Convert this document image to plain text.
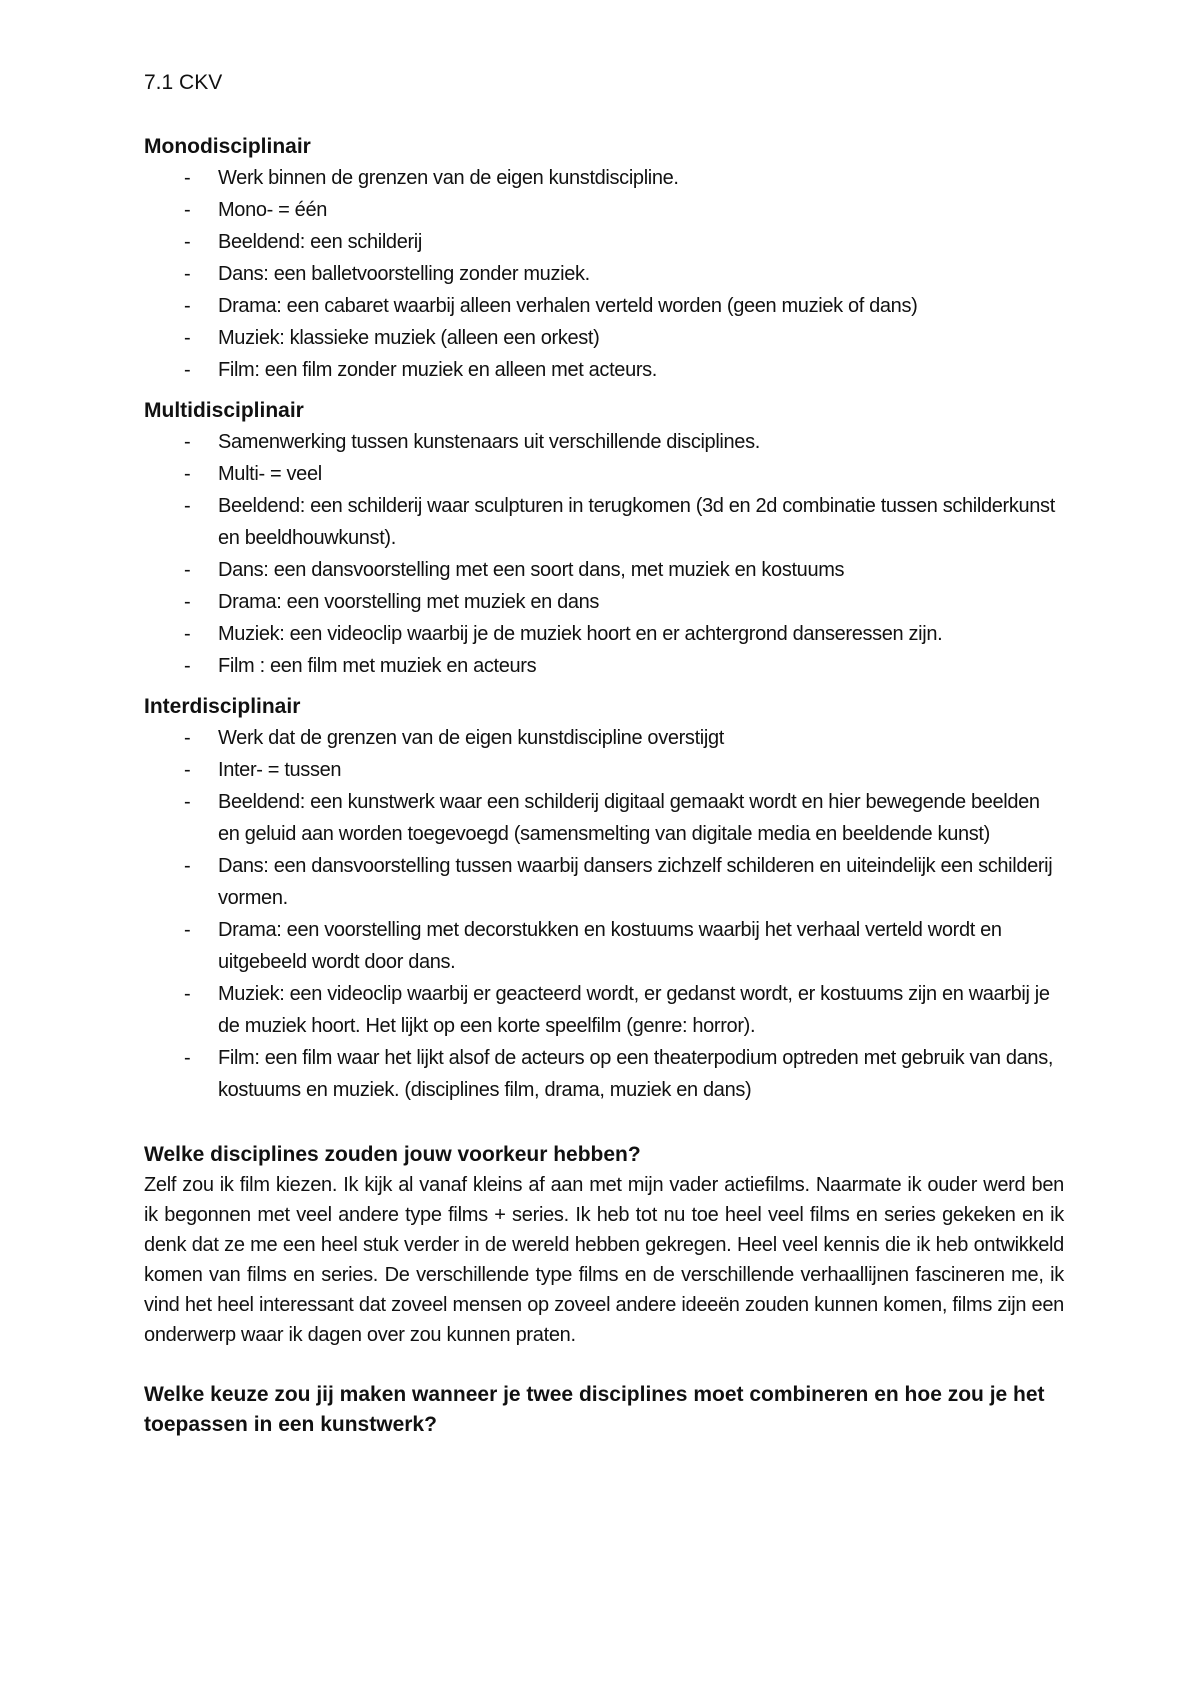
7.1 CKV
Monodisciplinair
- Werk binnen de grenzen van de eigen kunstdiscipline.
- Mono- = één
- Beeldend: een schilderij
- Dans: een balletvoorstelling zonder muziek.
- Drama: een cabaret waarbij alleen verhalen verteld worden (geen muziek of dans)
- Muziek: klassieke muziek (alleen een orkest)
- Film: een film zonder muziek en alleen met acteurs.
Multidisciplinair
- Samenwerking tussen kunstenaars uit verschillende disciplines.
- Multi- = veel
- Beeldend: een schilderij waar sculpturen in terugkomen (3d en 2d combinatie tussen schilderkunst en beeldhouwkunst).
- Dans: een dansvoorstelling met een soort dans, met muziek en kostuums
- Drama: een voorstelling met muziek en dans
- Muziek: een videoclip waarbij je de muziek hoort en er achtergrond danseressen zijn.
- Film : een film met muziek en acteurs
Interdisciplinair
- Werk dat de grenzen van de eigen kunstdiscipline overstijgt
- Inter- = tussen
- Beeldend: een kunstwerk waar een schilderij digitaal gemaakt wordt en hier bewegende beelden en geluid aan worden toegevoegd (samensmelting van digitale media en beeldende kunst)
- Dans: een dansvoorstelling tussen waarbij dansers zichzelf schilderen en uiteindelijk een schilderij vormen.
- Drama: een voorstelling met decorstukken en kostuums waarbij het verhaal verteld wordt en uitgebeeld wordt door dans.
- Muziek: een videoclip waarbij er geacteerd wordt, er gedanst wordt, er kostuums zijn en waarbij je de muziek hoort. Het lijkt op een korte speelfilm (genre: horror).
- Film: een film waar het lijkt alsof de acteurs op een theaterpodium optreden met gebruik van dans, kostuums en muziek. (disciplines film, drama, muziek en dans)
Welke disciplines zouden jouw voorkeur hebben?

Zelf zou ik film kiezen. Ik kijk al vanaf kleins af aan met mijn vader actiefilms. Naarmate ik ouder werd ben ik begonnen met veel andere type films + series. Ik heb tot nu toe heel veel films en series gekeken en ik denk dat ze me een heel stuk verder in de wereld hebben gekregen. Heel veel kennis die ik heb ontwikkeld komen van films en series. De verschillende type films en de verschillende verhaallijnen fascineren me, ik vind het heel interessant dat zoveel mensen op zoveel andere ideeën zouden kunnen komen, films zijn een onderwerp waar ik dagen over zou kunnen praten.

Welke keuze zou jij maken wanneer je twee disciplines moet combineren en hoe zou je het toepassen in een kunstwerk?
